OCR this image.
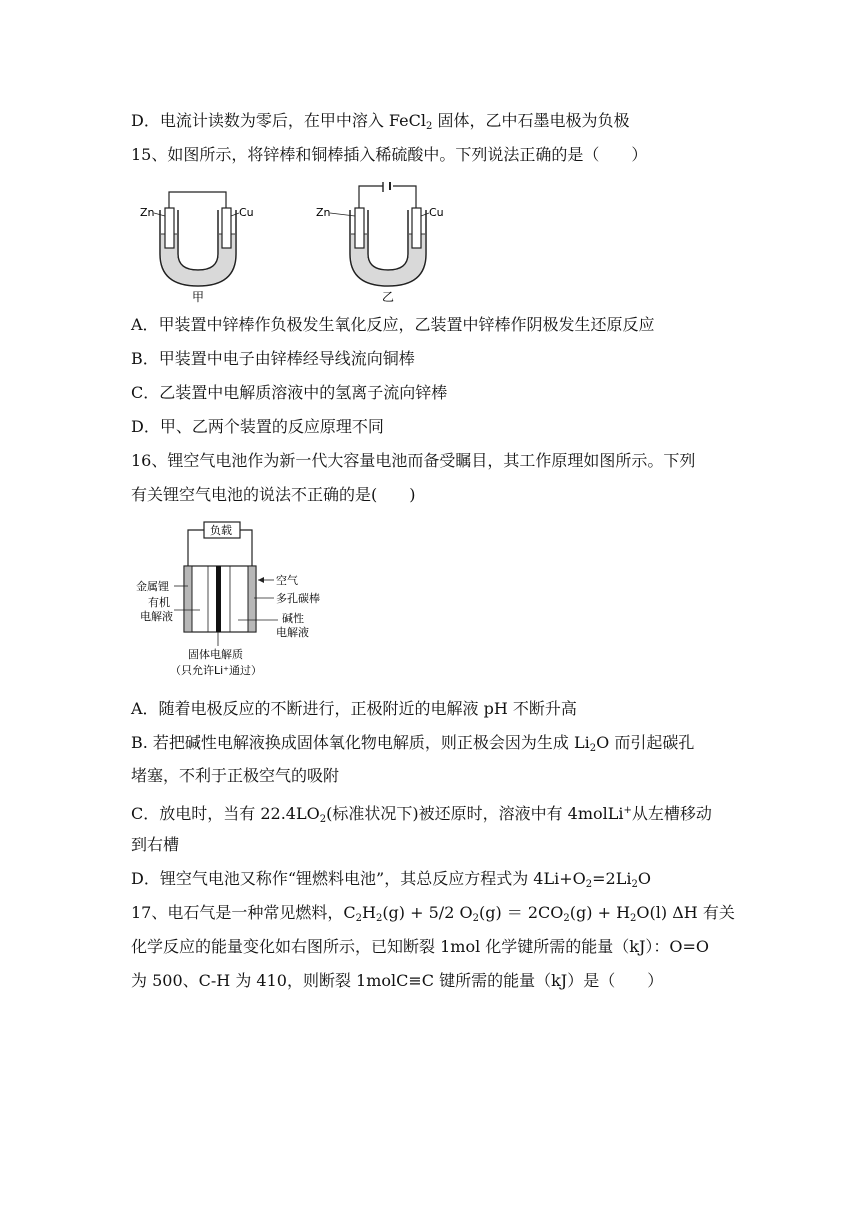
D．电流计读数为零后，在甲中溶入 FeCl$_2$ 固体，乙中石墨电极为负极
15、如图所示，将锌棒和铜棒插入稀硫酸中。下列说法正确的是（　　）
Zn	Cu
甲
Zn	Cu
乙
A．甲装置中锌棒作负极发生氧化反应，乙装置中锌棒作阴极发生还原反应
B．甲装置中电子由锌棒经导线流向铜棒
C．乙装置中电解质溶液中的氢离子流向锌棒
D．甲、乙两个装置的反应原理不同
16、锂空气电池作为新一代大容量电池而备受瞩目，其工作原理如图所示。下列
有关锂空气电池的说法不正确的是(　　)
负载
金属锂
有机
电解液
空气
多孔碳棒
碱性
电解液
固体电解质
（只允许Li⁺通过）
A．随着电极反应的不断进行，正极附近的电解液 pH 不断升高
B. 若把碱性电解液换成固体氧化物电解质，则正极会因为生成 $Li_2O$ 而引起碳孔
堵塞，不利于正极空气的吸附
C．放电时，当有 $22.4LO_2$(标准状况下)被还原时，溶液中有 4molLi+从左槽移动
到右槽
D．锂空气电池又称作“锂燃料电池”，其总反应方程式为 $4Li+O_2=2Li_2O$
17、电石气是一种常见燃料，$C_2H_2(g) + 5/2$ $O_2(g) = 2CO_2(g) + H_2O(l)$ ΔH 有关
化学反应的能量变化如右图所示，已知断裂 1mol 化学键所需的能量（kJ）：O=O
为 500、C-H 为 410，则断裂 1molC≡C 键所需的能量（kJ）是（　　）
